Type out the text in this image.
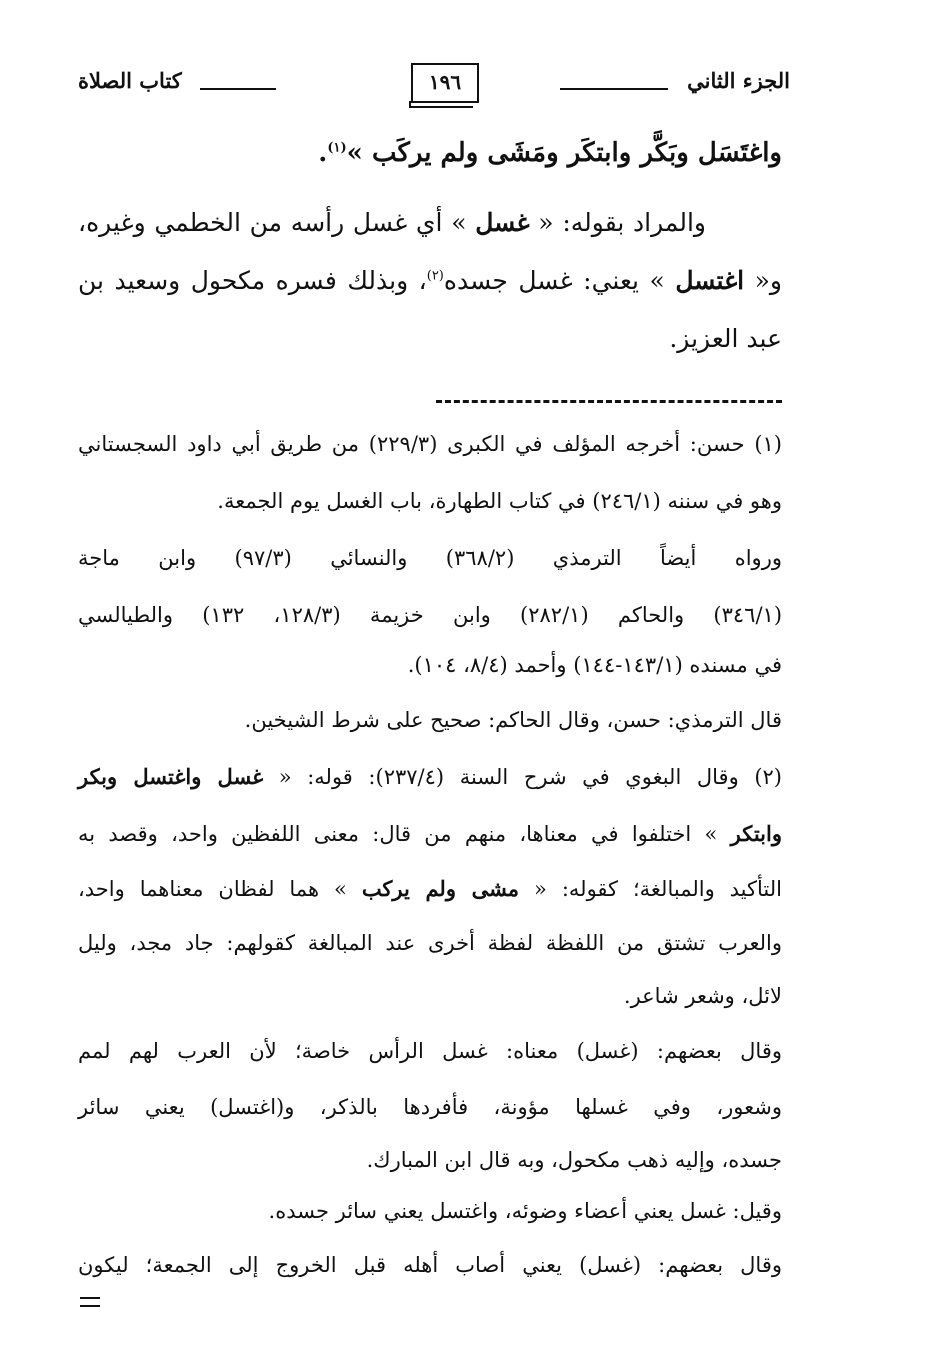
الجزء الثاني
١٩٦
كتاب الصلاة
واغتَسَل وبَكَّر وابتكَر ومَشَى ولم يركَب »$^{(١)}$.
والمراد بقوله: « غسل » أي غسل رأسه من الخطمي وغيره،
و« اغتسل » يعني: غسل جسده$^{(٢)}$، وبذلك فسره مكحول وسعيد بن
عبد العزيز.
(١) حسن: أخرجه المؤلف في الكبرى (٢٢٩/٣) من طريق أبي داود السجستاني
وهو في سننه (٢٤٦/١) في كتاب الطهارة، باب الغسل يوم الجمعة.
ورواه أيضاً الترمذي (٣٦٨/٢) والنسائي (٩٧/٣) وابن ماجة
(٣٤٦/١) والحاكم (٢٨٢/١) وابن خزيمة (١٢٨/٣، ١٣٢) والطيالسي
في مسنده (١٤٣/١-١٤٤) وأحمد (٨/٤، ١٠٤).
قال الترمذي: حسن، وقال الحاكم: صحيح على شرط الشيخين.
(٢) وقال البغوي في شرح السنة (٢٣٧/٤): قوله: « غسل واغتسل وبكر
وابتكر » اختلفوا في معناها، منهم من قال: معنى اللفظين واحد، وقصد به
التأكيد والمبالغة؛ كقوله: « مشى ولم يركب » هما لفظان معناهما واحد،
والعرب تشتق من اللفظة لفظة أخرى عند المبالغة كقولهم: جاد مجد، وليل
لائل، وشعر شاعر.
وقال بعضهم: (غسل) معناه: غسل الرأس خاصة؛ لأن العرب لهم لمم
وشعور، وفي غسلها مؤونة، فأفردها بالذكر، و(اغتسل) يعني سائر
جسده، وإليه ذهب مكحول، وبه قال ابن المبارك.
وقيل: غسل يعني أعضاء وضوئه، واغتسل يعني سائر جسده.
وقال بعضهم: (غسل) يعني أصاب أهله قبل الخروج إلى الجمعة؛ ليكون
